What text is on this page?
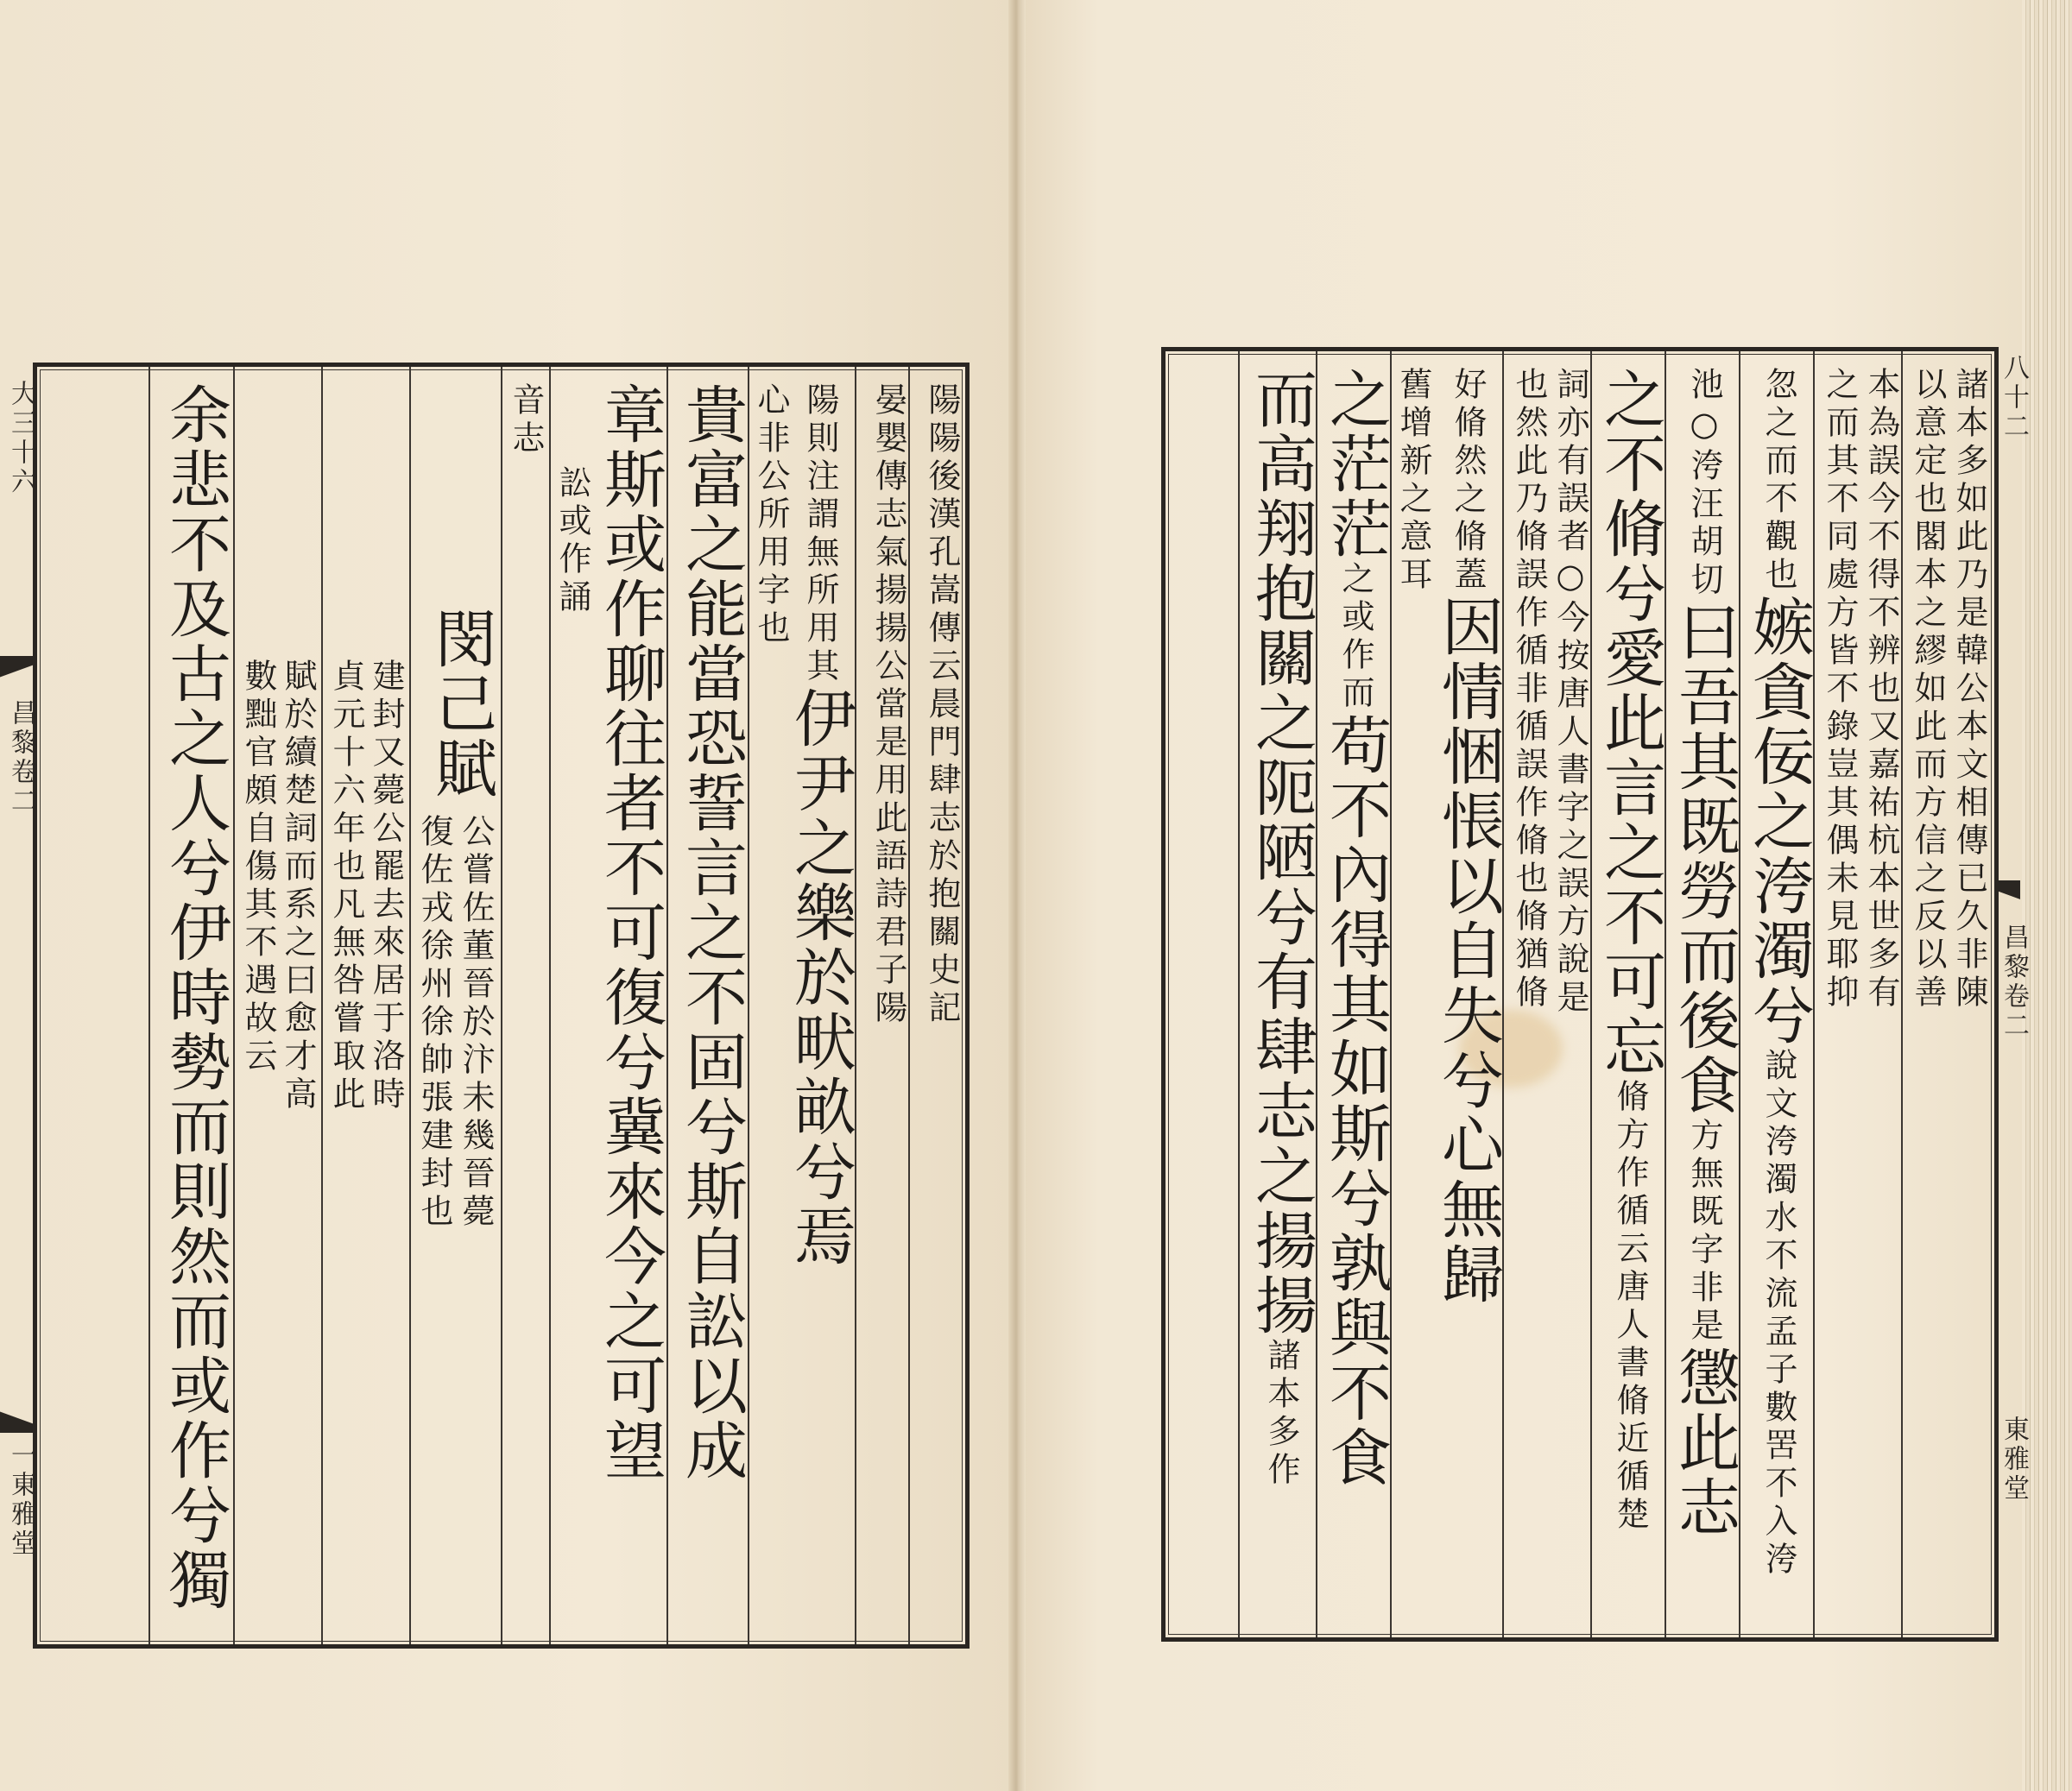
陽陽後漢孔嵩傳云晨門肆志於抱關史記
晏嬰傳志氣揚揚公當是用此語詩君子陽
陽則注謂無所用其伊尹之樂於畎畝兮焉
心非公所用字也
貴富之能當恐誓言之不固兮斯自訟以成
章斯或作聊往者不可復兮冀來今之可望
訟或作誦
音志
閔己賦
公嘗佐董晉於汴未幾晉薨
復佐戎徐州徐帥張建封也
建封又薨公罷去來居于洛時
貞元十六年也凡無咎嘗取此
賦於續楚詞而系之曰愈才高
數黜官頗自傷其不遇故云
余悲不及古之人兮伊時勢而則然而或作兮獨
大三十六
昌黎卷二
一東雅堂
諸本多如此乃是韓公本文相傳已久非陳
以意定也閣本之繆如此而方信之反以善
本為誤今不得不辨也又嘉祐杭本世多有
之而其不同處方皆不錄豈其偶未見耶抑
忽之而不觀也嫉貪佞之洿濁兮說文洿濁水不流孟子數罟不入洿
池○洿汪胡切曰吾其既勞而後食方無既字非是懲此志
之不脩兮愛此言之不可忘脩方作循云唐人書脩近循楚
詞亦有誤者○今按唐人書字之誤方說是
也然此乃脩誤作循非循誤作脩也脩猶脩
好脩然之脩蓋因情悃悵以自失兮心無歸
舊增新之意耳
之茫茫之或作而苟不內得其如斯兮孰與不食
而高翔抱關之阨陋兮有肆志之揚揚諸本多作
八十二
昌黎卷二
東雅堂
